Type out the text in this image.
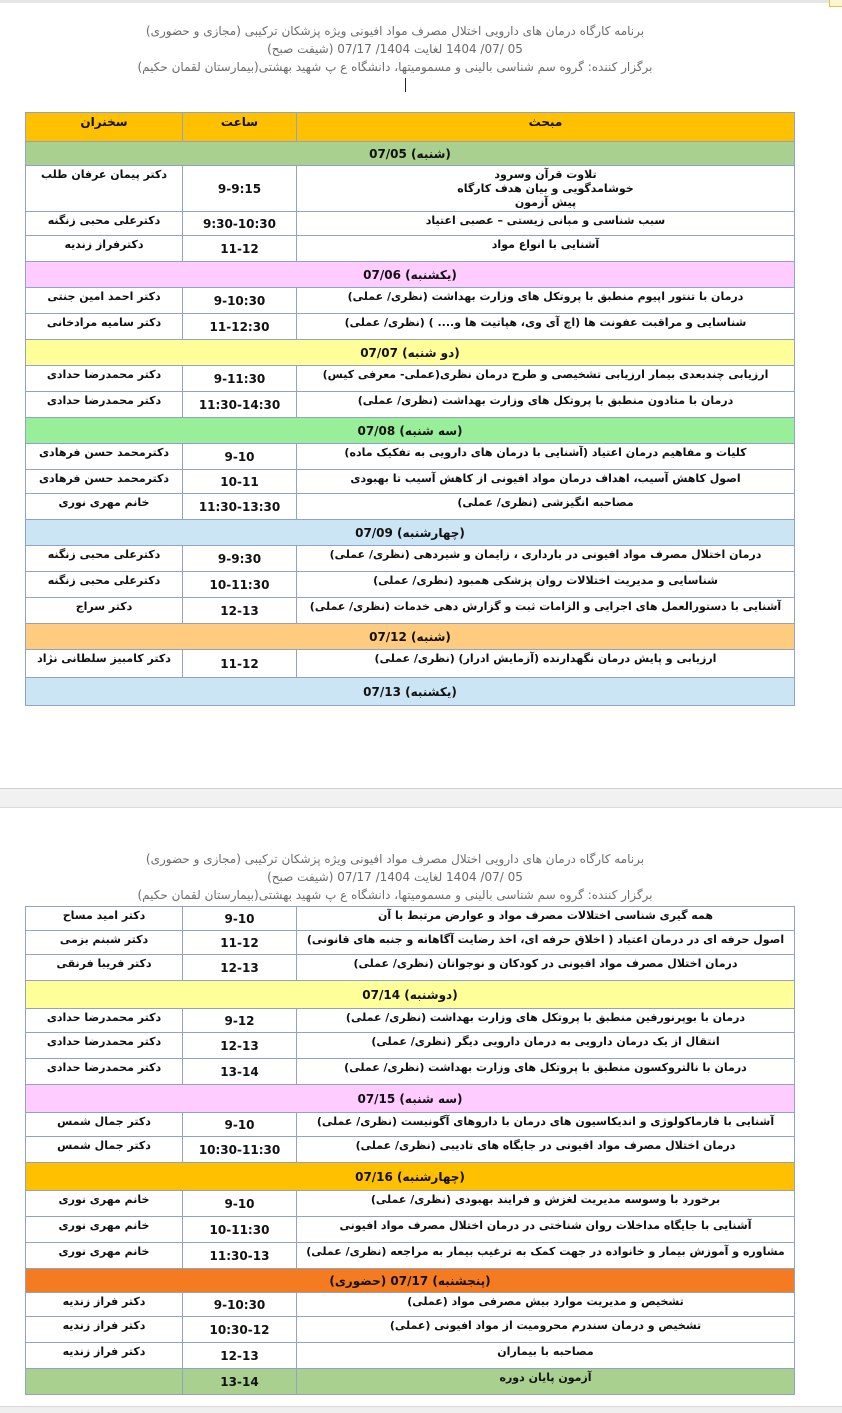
برنامه کارگاه درمان های دارویی اختلال مصرف مواد افیونی ویژه پزشکان ترکیبی (مجازی و حضوری)
05 /07/ 1404 لغایت 1404/ 07/17 (شیفت صبح)
برگزار کننده: گروه سم شناسی بالینی و مسمومیتها، دانشگاه ع پ شهید بهشتی(بیمارستان لقمان حکیم)
مبحث	ساعت	سخنران
(شنبه) 07/05		

تلاوت قرآن وسرود
خوشامدگویی و بیان هدف کارگاه
پیش آزمون	9-9:15	دکتر پیمان عرفان طلب

سبب شناسی و مبانی زیستی – عصبی اعتیاد	9:30-10:30	دکترعلی محبی زنگنه

آشنایی با انواع مواد	11-12	دکترفراز زندیه
(یکشنبه) 07/06		

درمان با تنتور اپیوم منطبق با پروتکل های وزارت بهداشت (نظری/ عملی)	9-10:30	دکتر احمد امین جنتی

شناسایی و مراقبت عفونت ها (اچ آی وی، هپاتیت ها و.... ) (نظری/ عملی)	11-12:30	دکتر سامیه مرادخانی
(دو شنبه) 07/07		

ارزیابی چندبعدی بیمار ارزیابی تشخیصی و طرح درمان نظری(عملی- معرفی کیس)	9-11:30	دکتر محمدرضا حدادی

درمان با متادون منطبق با پروتکل های وزارت بهداشت (نظری/ عملی)	11:30-14:30	دکتر محمدرضا حدادی
(سه شنبه) 07/08		

کلیات و مفاهیم درمان اعتیاد (آشنایی با درمان های دارویی به تفکیک ماده)	9-10	دکترمحمد حسن فرهادی

اصول کاهش آسیب، اهداف درمان مواد افیونی از کاهش آسیب تا بهبودی	10-11	دکترمحمد حسن فرهادی

مصاحبه انگیزشی (نظری/ عملی)	11:30-13:30	خانم مهری نوری
(چهارشنبه) 07/09		

درمان اختلال مصرف مواد افیونی در بارداری ، زایمان و شیردهی (نظری/ عملی)	9-9:30	دکترعلی محبی زنگنه

شناسایی و مدیریت اختلالات روان پزشکی همبود (نظری/ عملی)	10-11:30	دکترعلی محبی زنگنه

آشنایی با دستورالعمل های اجرایی و الزامات ثبت و گزارش دهی خدمات (نظری/ عملی)	12-13	دکتر سراج
(شنبه) 07/12		

ارزیابی و پایش درمان نگهدارنده (آزمایش ادرار) (نظری/ عملی)	11-12	دکتر کامبیز سلطانی نژاد
(یکشنبه) 07/13		
برنامه کارگاه درمان های دارویی اختلال مصرف مواد افیونی ویژه پزشکان ترکیبی (مجازی و حضوری)
05 /07/ 1404 لغایت 1404/ 07/17 (شیفت صبح)
برگزار کننده: گروه سم شناسی بالینی و مسمومیتها، دانشگاه ع پ شهید بهشتی(بیمارستان لقمان حکیم)
همه گیری شناسی اختلالات مصرف مواد و عوارض مرتبط با آن	9-10	دکتر امید مساح

اصول حرفه ای در درمان اعتیاد ( اخلاق حرفه ای، اخذ رضایت آگاهانه و جنبه های قانونی)	11-12	دکتر شبنم بزمی

درمان اختلال مصرف مواد افیونی در کودکان و نوجوانان (نظری/ عملی)	12-13	دکتر فریبا فرنقی
(دوشنبه) 07/14		

درمان با بوپرنورفین منطبق با پروتکل های وزارت بهداشت (نظری/ عملی)	9-12	دکتر محمدرضا حدادی

انتقال از یک درمان دارویی به درمان دارویی دیگر (نظری/ عملی)	12-13	دکتر محمدرضا حدادی

درمان با نالتروکسون منطبق با پروتکل های وزارت بهداشت (نظری/ عملی)	13-14	دکتر محمدرضا حدادی
(سه شنبه) 07/15		

آشنایی با فارماکولوژی و اندیکاسیون های درمان با داروهای آگونیست (نظری/ عملی)	9-10	دکتر جمال شمس

درمان اختلال مصرف مواد افیونی در جایگاه های تادیبی (نظری/ عملی)	10:30-11:30	دکتر جمال شمس
(چهارشنبه) 07/16		

برخورد با وسوسه مدیریت لغزش و فرایند بهبودی (نظری/ عملی)	9-10	خانم مهری نوری

آشنایی با جایگاه مداخلات روان شناختی در درمان اختلال مصرف مواد افیونی	10-11:30	خانم مهری نوری

مشاوره و آموزش بیمار و خانواده در جهت کمک به ترغیب بیمار به مراجعه (نظری/ عملی)	11:30-13	خانم مهری نوری
(پنجشنبه) 07/17 (حضوری)		

تشخیص و مدیریت موارد بیش مصرفی مواد (عملی)	9-10:30	دکتر فراز زندیه

تشخیص و درمان سندرم محرومیت از مواد افیونی (عملی)	10:30-12	دکتر فراز زندیه

مصاحبه با بیماران	12-13	دکتر فراز زندیه

آزمون پایان دوره	13-14	
